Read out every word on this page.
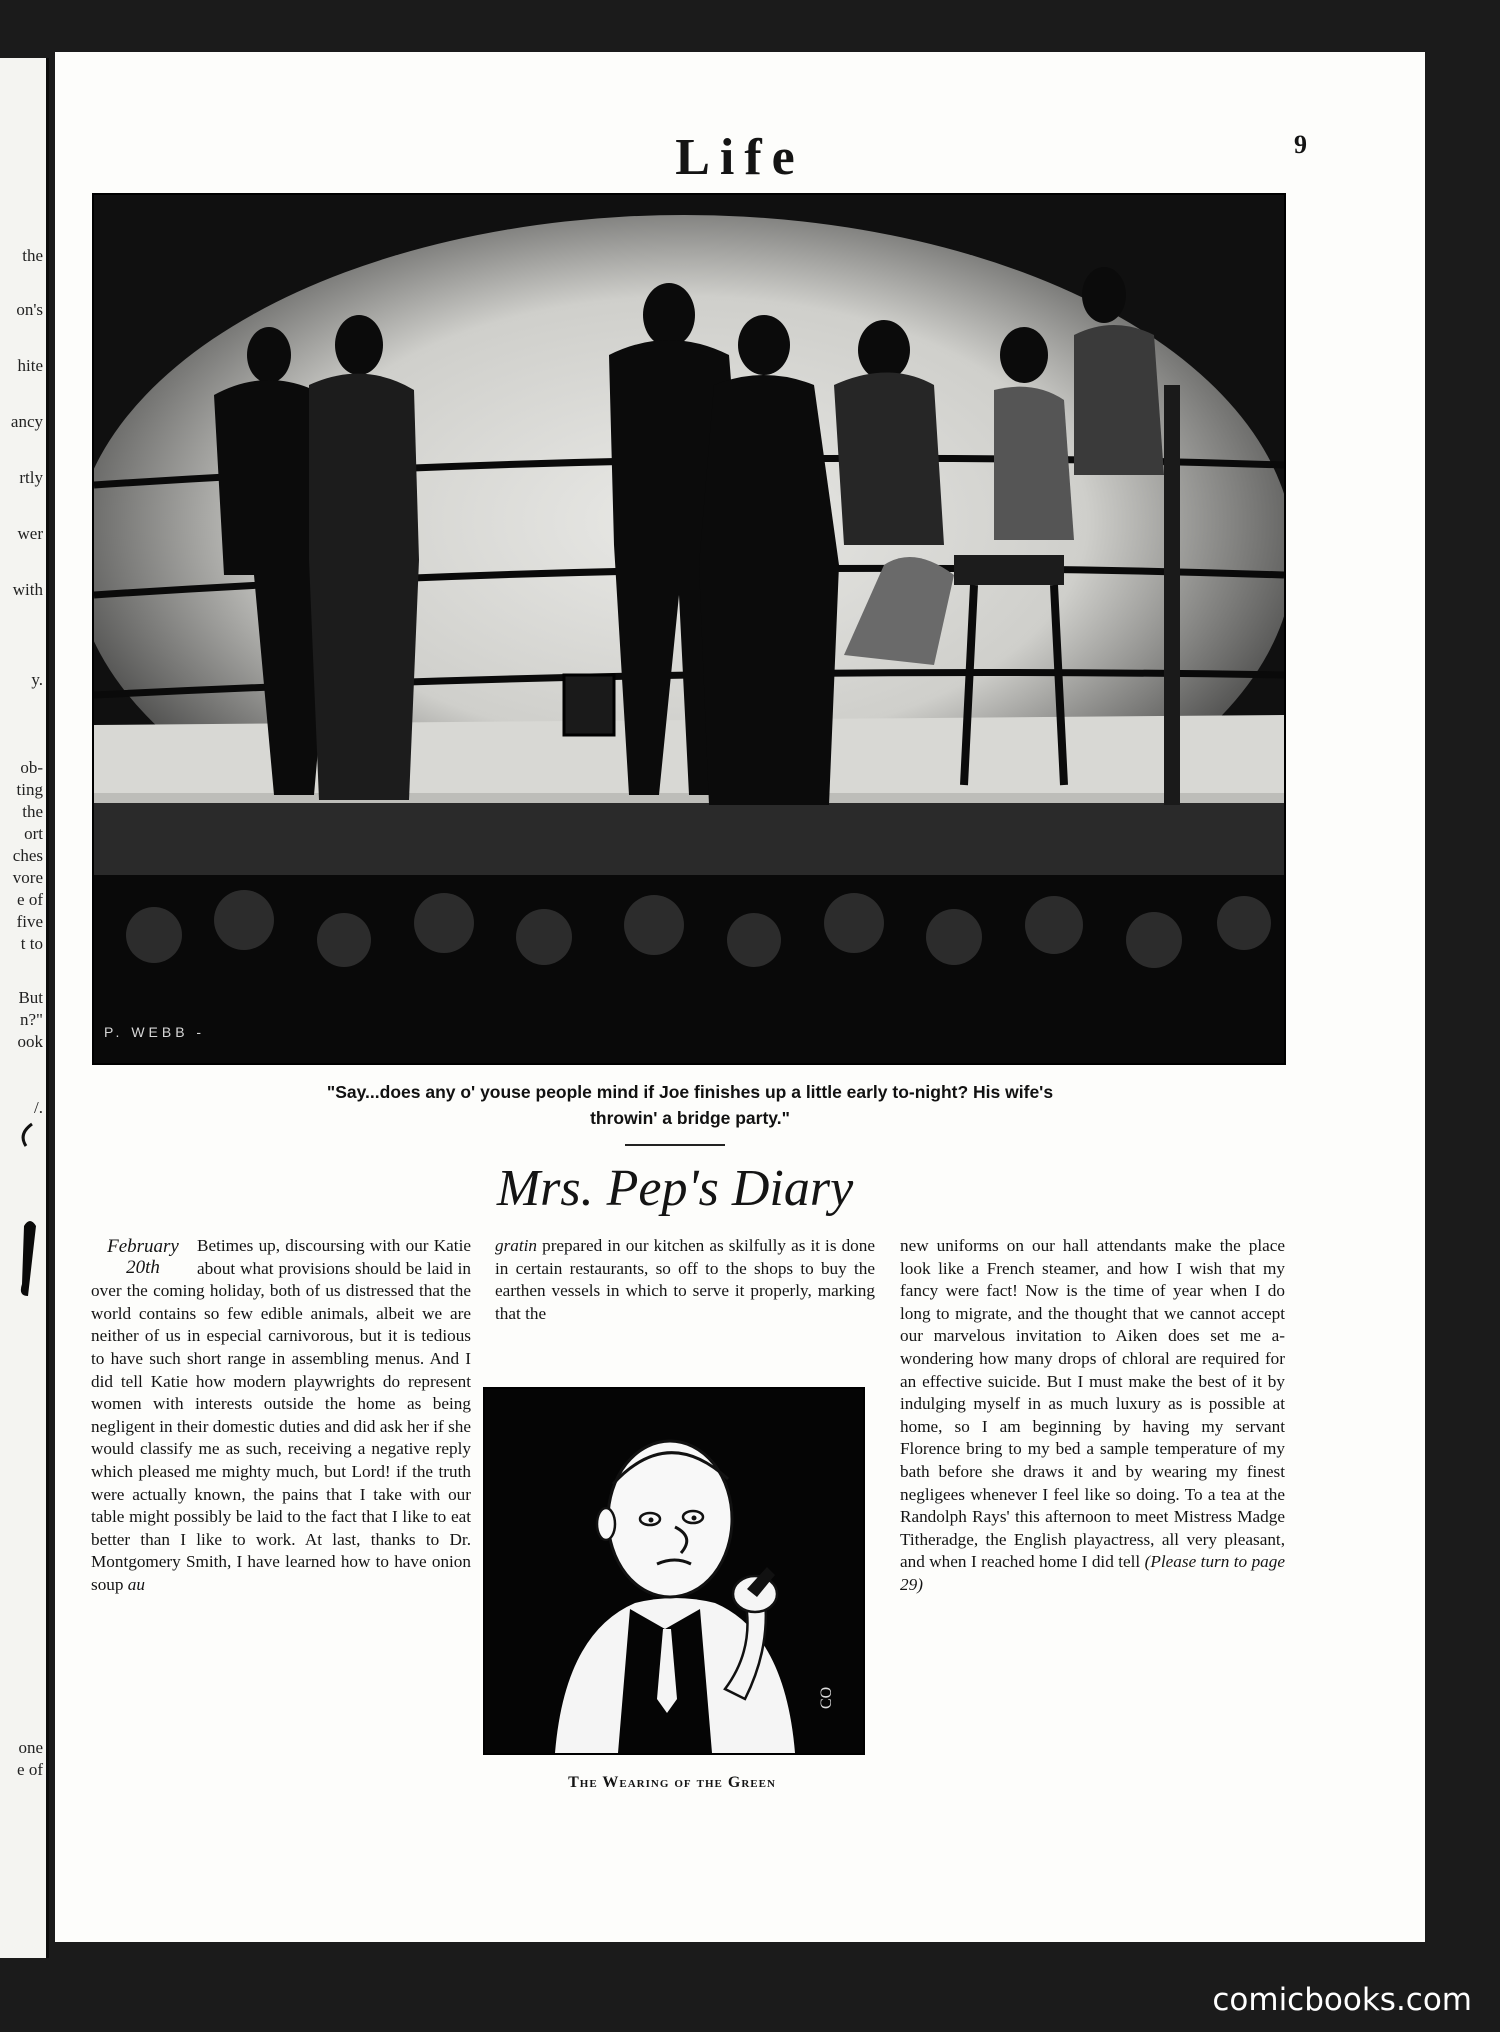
the
on's
hite
ancy
rtly
wer
with
y.
ob-
ting
the
ort
ches
vore
e of
five
t to
But
n?"
ook
/.
one
e of
Life	9
P. WEBB -
"Say...does any o' youse people mind if Joe finishes up a little early to-night? His wife's
throwin' a bridge party."
Mrs. Pep's Diary
February
20th

Betimes up, discoursing with our Katie about what provisions should be laid in over the coming holiday, both of us distressed that the world contains so few edible animals, albeit we are neither of us in especial carnivorous, but it is tedious to have such short range in assembling menus. And I did tell Katie how modern playwrights do represent women with interests outside the home as being negligent in their domestic duties and did ask her if she would classify me as such, receiving a negative reply which pleased me mighty much, but Lord! if the truth were actually known, the pains that I take with our table might possibly be laid to the fact that I like to eat better than I like to work. At last, thanks to Dr. Montgomery Smith, I have learned how to have onion soup au

gratin prepared in our kitchen as skilfully as it is done in certain restaurants, so off to the shops to buy the earthen vessels in which to serve it properly, marking that the

CO
The Wearing of the Green

new uniforms on our hall attendants make the place look like a French steamer, and how I wish that my fancy were fact! Now is the time of year when I do long to migrate, and the thought that we cannot accept our marvelous invitation to Aiken does set me a-wondering how many drops of chloral are required for an effective suicide. But I must make the best of it by indulging myself in as much luxury as is possible at home, so I am beginning by having my servant Florence bring to my bed a sample temperature of my bath before she draws it and by wearing my finest negligees whenever I feel like so doing. To a tea at the Randolph Rays' this afternoon to meet Mistress Madge Titheradge, the English playactress, all very pleasant, and when I reached home I did tell (Please turn to page 29)

comicbooks.com
